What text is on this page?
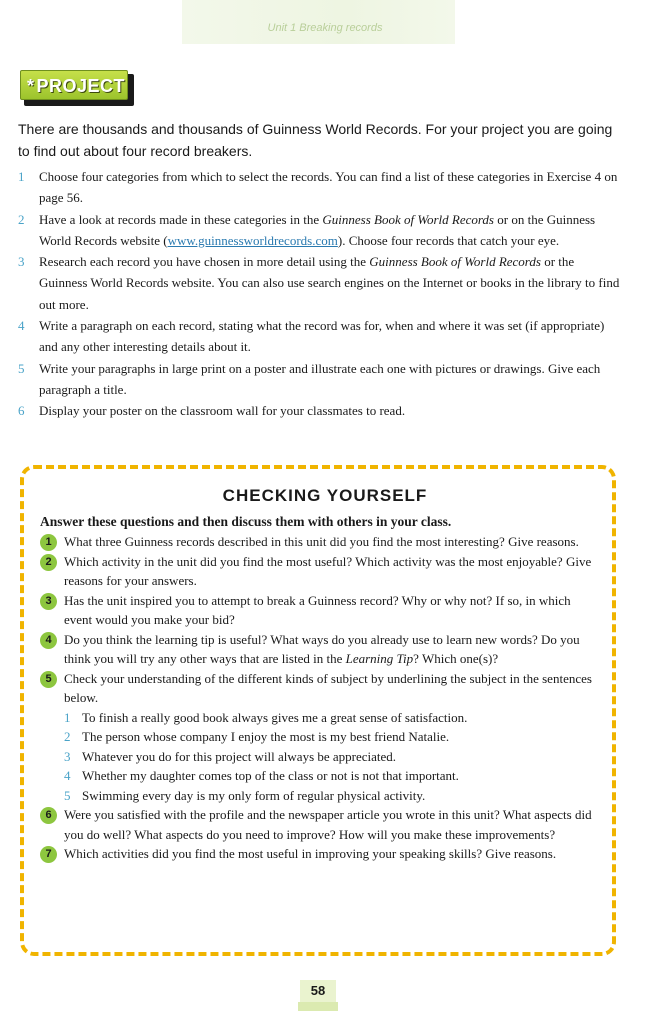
Unit 1 Breaking records
* PROJECT
There are thousands and thousands of Guinness World Records. For your project you are going to find out about four record breakers.

1 Choose four categories from which to select the records. You can find a list of these categories in Exercise 4 on page 56.

2 Have a look at records made in these categories in the Guinness Book of World Records or on the Guinness World Records website (www.guinnessworldrecords.com). Choose four records that catch your eye.

3 Research each record you have chosen in more detail using the Guinness Book of World Records or the Guinness World Records website. You can also use search engines on the Internet or books in the library to find out more.

4 Write a paragraph on each record, stating what the record was for, when and where it was set (if appropriate) and any other interesting details about it.

5 Write your paragraphs in large print on a poster and illustrate each one with pictures or drawings. Give each paragraph a title.

6 Display your poster on the classroom wall for your classmates to read.

CHECKING YOURSELF
Answer these questions and then discuss them with others in your class.
1 What three Guinness records described in this unit did you find the most interesting? Give reasons.
2 Which activity in the unit did you find the most useful? Which activity was the most enjoyable? Give reasons for your answers.
3 Has the unit inspired you to attempt to break a Guinness record? Why or why not? If so, in which event would you make your bid?
4 Do you think the learning tip is useful? What ways do you already use to learn new words? Do you think you will try any other ways that are listed in the Learning Tip? Which one(s)?
5 Check your understanding of the different kinds of subject by underlining the subject in the sentences below.
1 To finish a really good book always gives me a great sense of satisfaction.
2 The person whose company I enjoy the most is my best friend Natalie.
3 Whatever you do for this project will always be appreciated.
4 Whether my daughter comes top of the class or not is not that important.
5 Swimming every day is my only form of regular physical activity.
6 Were you satisfied with the profile and the newspaper article you wrote in this unit? What aspects did you do well? What aspects do you need to improve? How will you make these improvements?
7 Which activities did you find the most useful in improving your speaking skills? Give reasons.
58
